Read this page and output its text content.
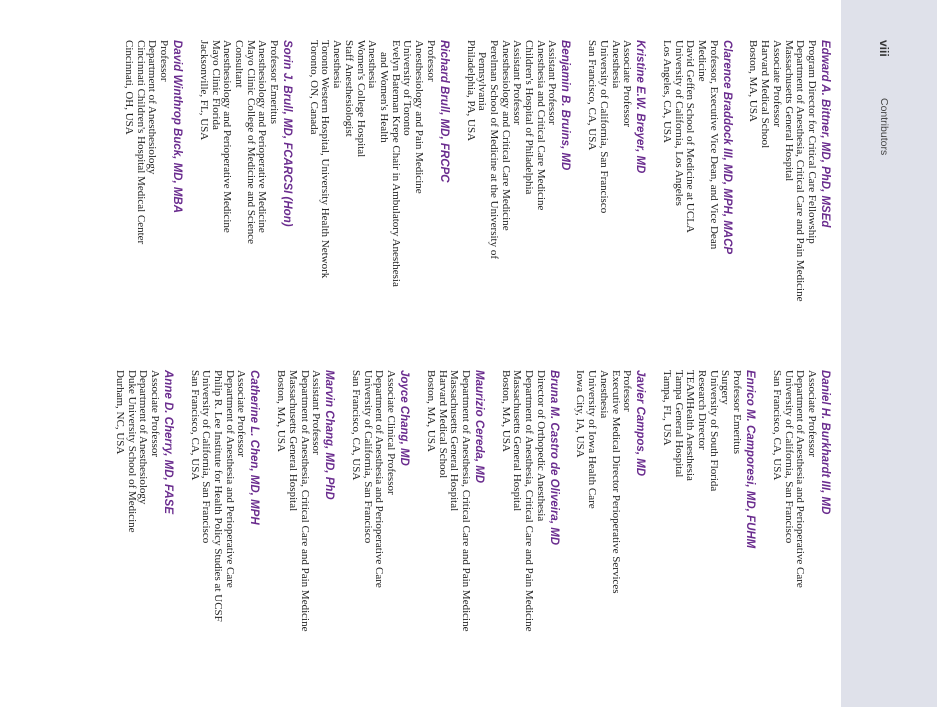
viii
Contributors
Edward A. Bittner, MD, PhD, MSEd
Program Director for Critical Care Fellowship
Department of Anesthesia, Critical Care and Pain Medicine
Massachusetts General Hospital
Associate Professor
Harvard Medical School
Boston, MA, USA
Clarence Braddock III, MD, MPH, MACP
Professor, Executive Vice Dean, and Vice Dean
Medicine
David Geffen School of Medicine at UCLA
University of California, Los Angeles
Los Angeles, CA, USA
Kristine E.W. Breyer, MD
Associate Professor
Anesthesia
University of California, San Francisco
San Francisco, CA, USA
Benjamin B. Bruins, MD
Assistant Professor
Anesthesia and Critical Care Medicine
Children's Hospital of Philadelphia
Assistant Professor
Anesthesiology and Critical Care Medicine
Perelman School of Medicine at the University of
Pennsylvania
Philadelphia, PA, USA
Richard Brull, MD, FRCPC
Professor
Anesthesiology and Pain Medicine
University of Toronto
Evelyn Bateman Krepe Chair in Ambulatory Anesthesia
and Women's Health
Anesthesia
Women's College Hospital
Staff Anesthesiologist
Anesthesia
Toronto Western Hospital, University Health Network
Toronto, ON, Canada
Sorin J. Brull, MD, FCARCSI (Hon)
Professor Emeritus
Anesthesiology and Perioperative Medicine
Mayo Clinic College of Medicine and Science
Consultant
Anesthesiology and Perioperative Medicine
Mayo Clinic Florida
Jacksonville, FL, USA
David Winthrop Buck, MD, MBA
Professor
Department of Anesthesiology
Cincinnati Children's Hospital Medical Center
Cincinnati, OH, USA
Daniel H. Burkhardt III, MD
Associate Professor
Department of Anesthesia and Perioperative Care
University of California, San Francisco
San Francisco, CA, USA
Enrico M. Camporesi, MD, FUHM
Professor Emeritus
Surgery
University of South Florida
Research Director
TEAMHealth Anesthesia
Tampa General Hospital
Tampa, FL, USA
Javier Campos, MD
Professor
Executive Medical Director Perioperative Services
Anesthesia
University of Iowa Health Care
Iowa City, IA, USA
Bruna M. Castro de Oliveira, MD
Director of Orthopedic Anesthesia
Department of Anesthesia, Critical Care and Pain Medicine
Massachusetts General Hospital
Boston, MA, USA
Maurizio Cereda, MD
Department of Anesthesia, Critical Care and Pain Medicine
Massachusetts General Hospital
Harvard Medical School
Boston, MA, USA
Joyce Chang, MD
Associate Clinical Professor
Department of Anesthesia and Perioperative Care
University of California, San Francisco
San Francisco, CA, USA
Marvin Chang, MD, PhD
Assistant Professor
Department of Anesthesia, Critical Care and Pain Medicine
Massachusetts General Hospital
Boston, MA, USA
Catherine L. Chen, MD, MPH
Associate Professor
Department of Anesthesia and Perioperative Care
Philip R. Lee Institute for Health Policy Studies at UCSF
University of California, San Francisco
San Francisco, CA, USA
Anne D. Cherry, MD, FASE
Associate Professor
Department of Anesthesiology
Duke University School of Medicine
Durham, NC, USA
